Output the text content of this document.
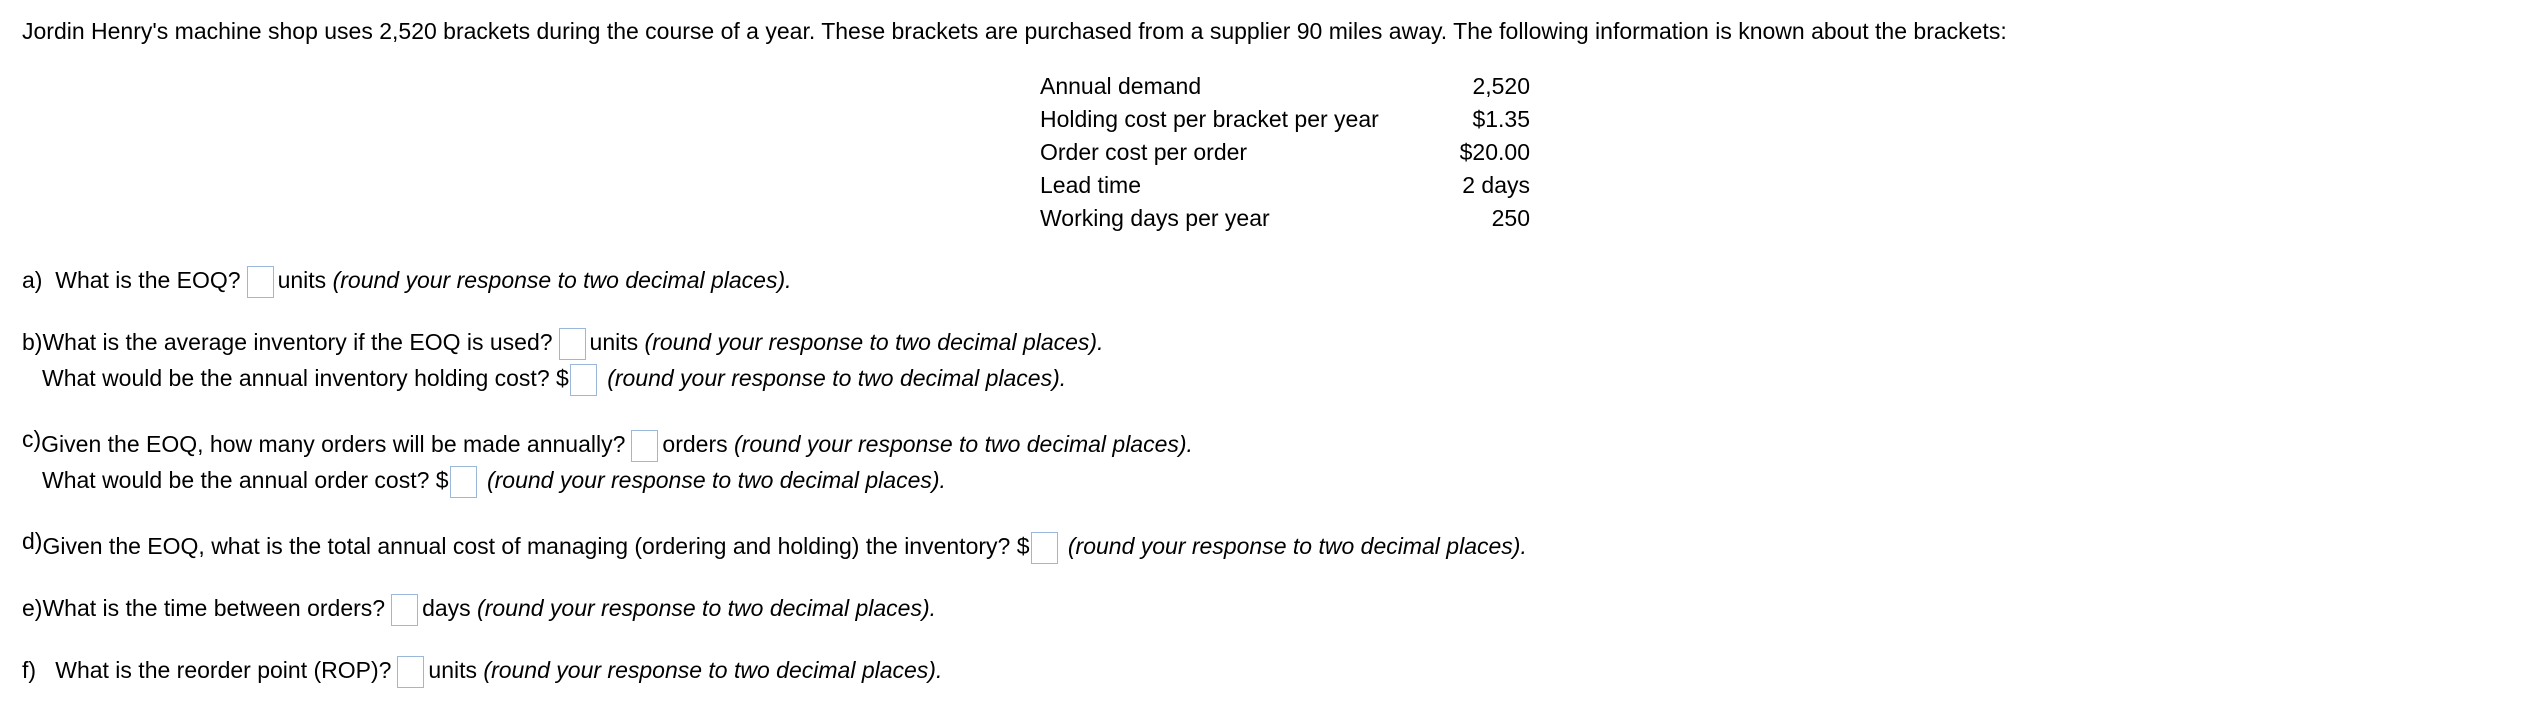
Jordin Henry's machine shop uses 2,520 brackets during the course of a year. These brackets are purchased from a supplier 90 miles away. The following information is known about the brackets:
Annual demand	2,520
Holding cost per bracket per year	$1.35
Order cost per order	$20.00
Lead time	2 days
Working days per year	250
a) What is the EOQ? units (round your response to two decimal places).
b)What is the average inventory if the EOQ is used? units (round your response to two decimal places).
What would be the annual inventory holding cost? $ (round your response to two decimal places).
c)Given the EOQ, how many orders will be made annually? orders (round your response to two decimal places).
What would be the annual order cost? $ (round your response to two decimal places).
d)Given the EOQ, what is the total annual cost of managing (ordering and holding) the inventory? $ (round your response to two decimal places).
e)What is the time between orders? days (round your response to two decimal places).
f) What is the reorder point (ROP)? units (round your response to two decimal places).
